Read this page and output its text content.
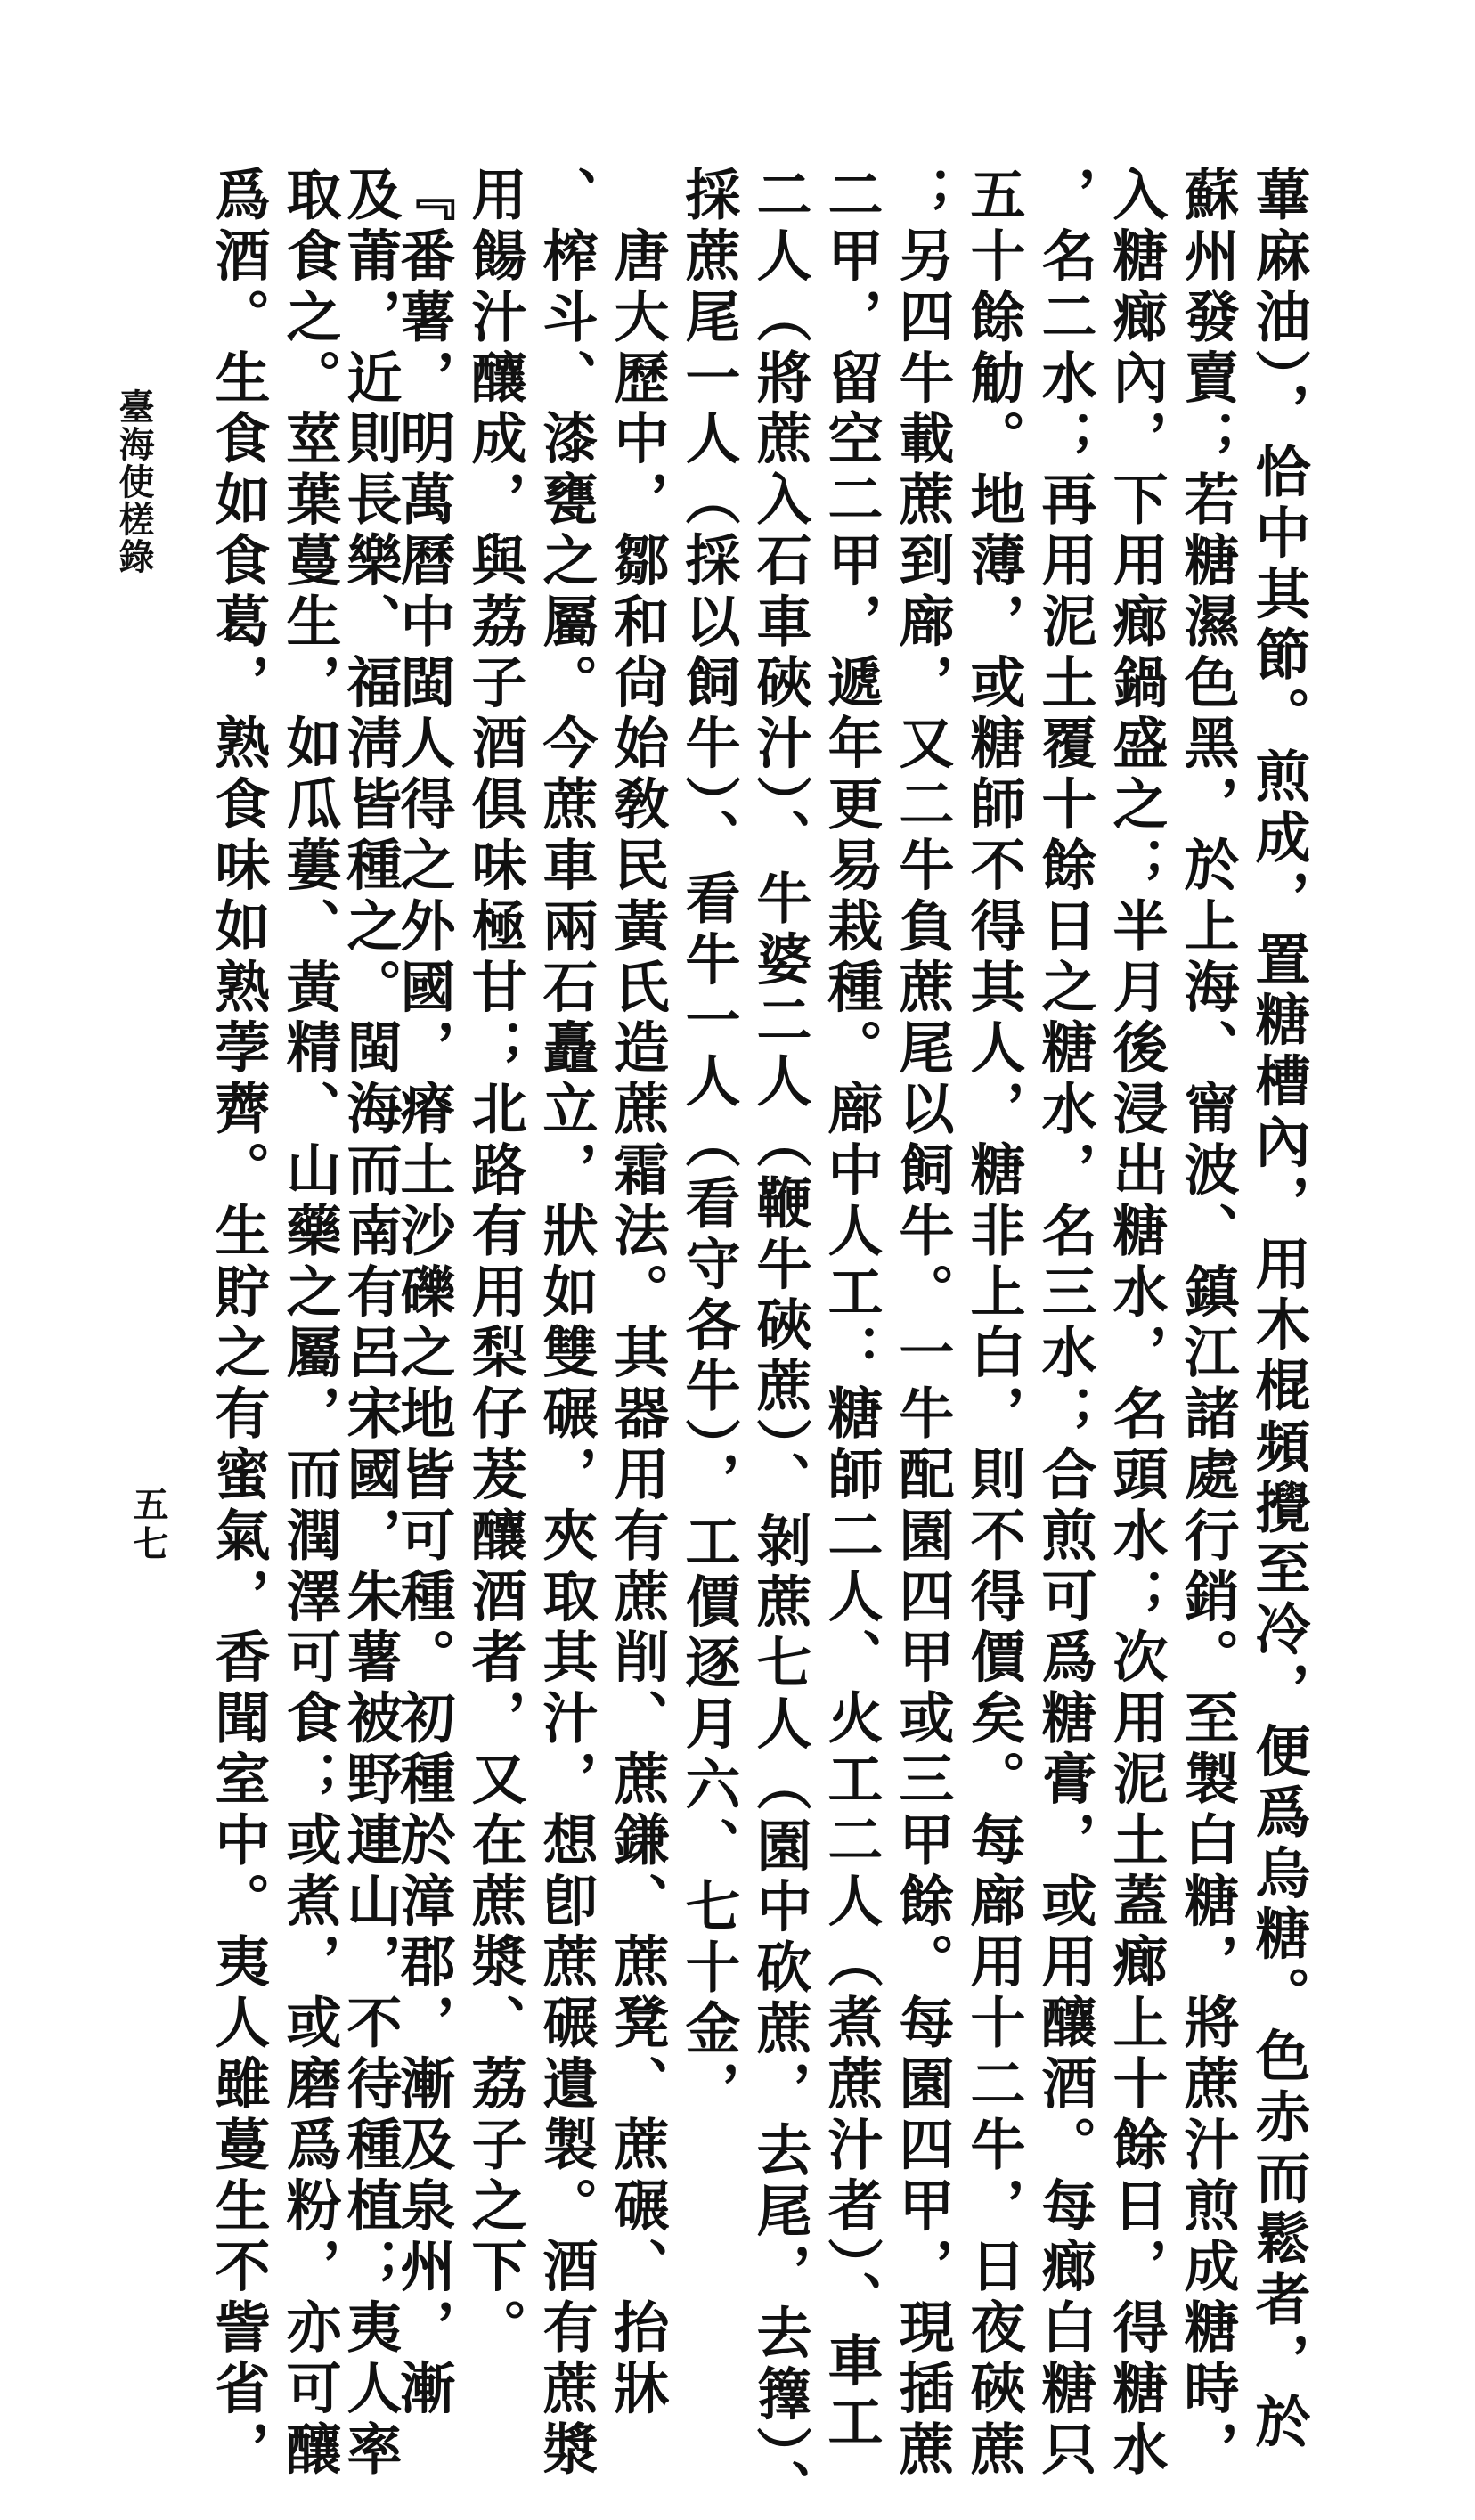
蓽麻油），恰中其節。煎成，置糖槽內，用木棍頻攪至冷，便爲烏糖。色赤而鬆者，於
蘇州發賣；若糖濕色黑，於上海、甯波、鎮江諸處行銷。至製白糖，將蔗汁煎成糖時，
入糖㾿內，下用㾿鍋盛之；半月後浸出糖水，名頭水；次用泥土蓋㾿上十餘日，得糖水
，名二水；再用泥土覆十餘日之糖水，名三水；合煎可爲糖膏，或用釀酒。每㾿白糖只
五十餘觔。地薄，或糖師不得其人，糖非上白，則不得價矣。每廍用十二牛，日夜硤蔗
；另四牛載蔗到廍，又二牛負蔗尾以飼牛。一牛配園四甲或三甲餘。每園四甲，現插蔗
二甲，留空二甲，遞年更易栽種。廍中人工：糖師二人、火工二人（煮蔗汁者）、車工
二人（將蔗入石車硤汁）、牛婆二人（鞭牛硤蔗）、剝蔗七人（園中砍蔗，去尾，去籜）、
採蔗尾一人（採以飼牛）、看牛一人（看守各牛），工價逐月六、七十金，
　唐大歷中，鄒和尙始敎民黃氏造蔗霜法。其器用有蔗削、蔗鎌、蔗凳、蔗碾、抬牀
、榨斗、漆甕之屬。今蔗車兩石矗立，狀如雙碾，夾取其汁，想卽蔗碾遺製。酒有蔗漿
用餳汁釀成，與荔子酒俱味極甘；北路有用梨仔茇釀酒者，又在蔗漿、荔子之下。
『番薯，明萬曆中閩人得之外國，瘠土沙礫之地皆可種。初種於漳郡，漸及泉州，漸
及莆，近則長樂、福淸皆種之。閩海而南有呂宋國，朱薯被野連山，不待種植；夷人率
取食之。莖葉蔓生，如瓜蔞、黃精、山藥之屬，而潤澤可食；或煮，或磨爲粉，亦可釀
爲酒。生食如食葛，熟食味如熟荸薺。生貯之有蜜氣，香聞室中。夷人雖蔓生不訾省，
臺海使槎錄
五七
